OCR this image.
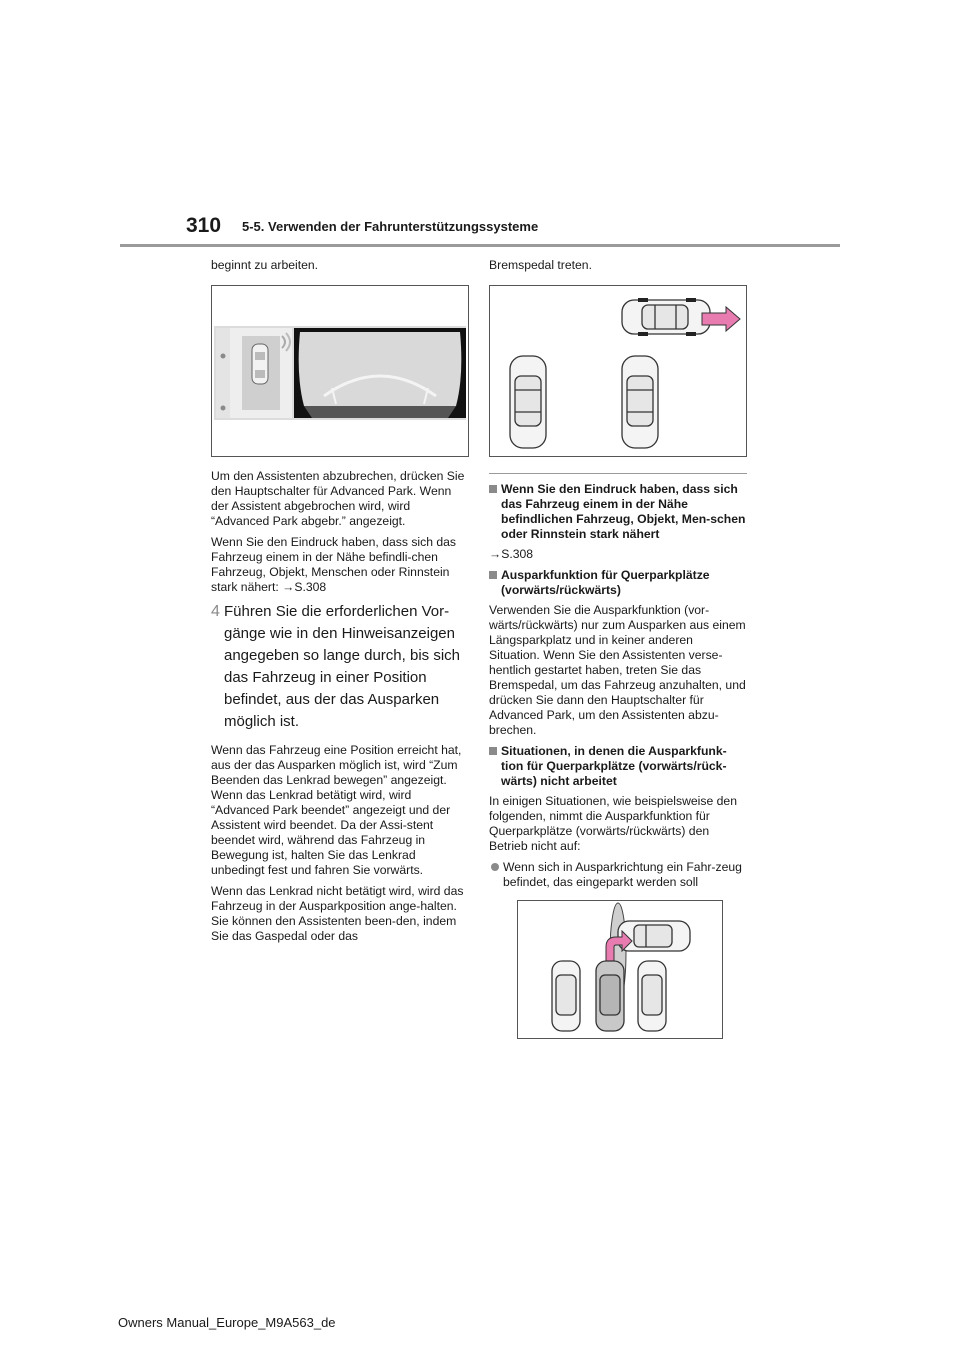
310 5-5. Verwenden der Fahrunterstützungssysteme

beginnt zu arbeiten.

Um den Assistenten abzubrechen, drücken Sie den Hauptschalter für Advanced Park. Wenn der Assistent abgebrochen wird, wird “Advanced Park abgebr.” angezeigt.

Wenn Sie den Eindruck haben, dass sich das Fahrzeug einem in der Nähe befindli-chen Fahrzeug, Objekt, Menschen oder Rinnstein stark nähert: →S.308

4 Führen Sie die erforderlichen Vor-gänge wie in den Hinweisanzeigen angegeben so lange durch, bis sich das Fahrzeug in einer Position befindet, aus der das Ausparken möglich ist.

Wenn das Fahrzeug eine Position erreicht hat, aus der das Ausparken möglich ist, wird “Zum Beenden das Lenkrad bewegen” angezeigt. Wenn das Lenkrad betätigt wird, wird “Advanced Park beendet” angezeigt und der Assistent wird beendet. Da der Assi-stent beendet wird, während das Fahrzeug in Bewegung ist, halten Sie das Lenkrad unbedingt fest und fahren Sie vorwärts.

Wenn das Lenkrad nicht betätigt wird, wird das Fahrzeug in der Ausparkposition ange-halten. Sie können den Assistenten been-den, indem Sie das Gaspedal oder das

Bremspedal treten.

Wenn Sie den Eindruck haben, dass sich das Fahrzeug einem in der Nähe befindlichen Fahrzeug, Objekt, Men-schen oder Rinnstein stark nähert

→S.308

Ausparkfunktion für Querparkplätze (vorwärts/rückwärts)

Verwenden Sie die Ausparkfunktion (vor-wärts/rückwärts) nur zum Ausparken aus einem Längsparkplatz und in keiner anderen Situation. Wenn Sie den Assistenten verse-hentlich gestartet haben, treten Sie das Bremspedal, um das Fahrzeug anzuhalten, und drücken Sie dann den Hauptschalter für Advanced Park, um den Assistenten abzu-brechen.

Situationen, in denen die Ausparkfunk-tion für Querparkplätze (vorwärts/rück-wärts) nicht arbeitet

In einigen Situationen, wie beispielsweise den folgenden, nimmt die Ausparkfunktion für Querparkplätze (vorwärts/rückwärts) den Betrieb nicht auf:

Wenn sich in Ausparkrichtung ein Fahr-zeug befindet, das eingeparkt werden soll
Owners Manual_Europe_M9A563_de
